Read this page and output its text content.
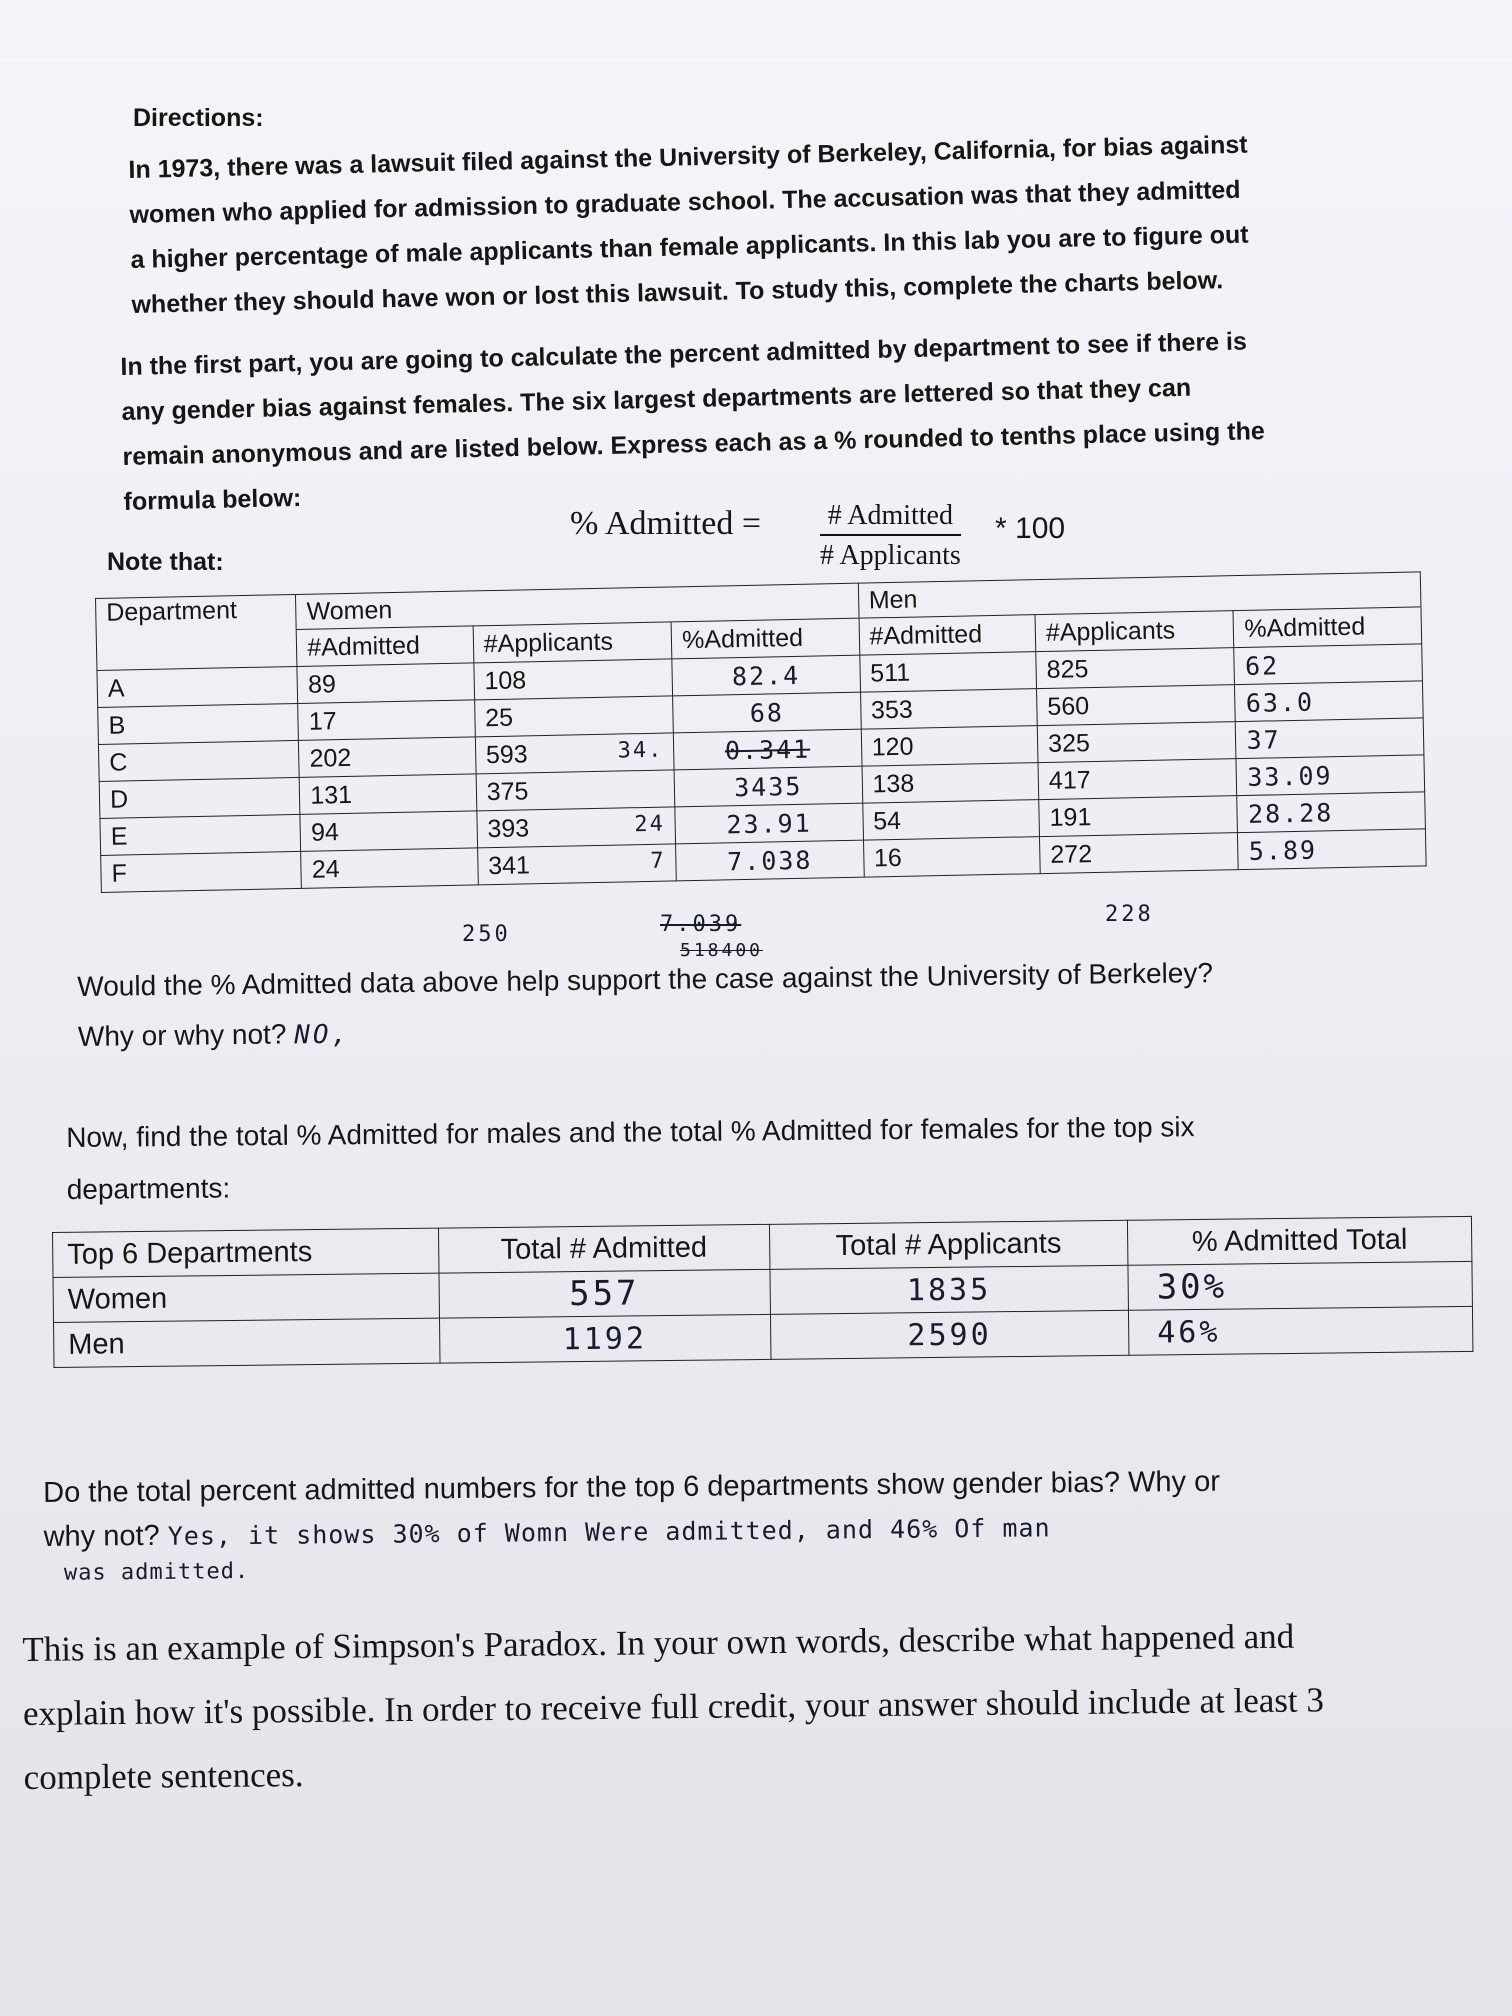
Directions:
In 1973, there was a lawsuit filed against the University of Berkeley, California, for bias against
women who applied for admission to graduate school. The accusation was that they admitted
a higher percentage of male applicants than female applicants. In this lab you are to figure out
whether they should have won or lost this lawsuit. To study this, complete the charts below.
In the first part, you are going to calculate the percent admitted by department to see if there is
any gender bias against females. The six largest departments are lettered so that they can
remain anonymous and are listed below. Express each as a % rounded to tenths place using the
formula below:
Note that:
% Admitted = # Admitted
# Applicants
* 100
Department	Women			Men		
	#Admitted	#Applicants	%Admitted	#Admitted	#Applicants	%Admitted
A	89	108	82.4	511	825	62
B	17	25	68	353	560	63.0
C	202	593 34.	0.341	120	325	37
D	131	375	3435	138	417	33.09
E	94	393 24	23.91	54	191	28.28
F	24	341 7	7.038	16	272	5.89
250	7.039
518400
228
Would the % Admitted data above help support the case against the University of Berkeley?
Why or why not? NO,
Now, find the total % Admitted for males and the total % Admitted for females for the top six
departments:
Top 6 Departments	Total # Admitted	Total # Applicants	% Admitted Total
Women	557	1835	30%
Men	1192	2590	46%
Do the total percent admitted numbers for the top 6 departments show gender bias? Why or
why not? Yes, it shows 30% of Womn Were admitted, and 46% Of man
was admitted.
This is an example of Simpson's Paradox. In your own words, describe what happened and
explain how it's possible. In order to receive full credit, your answer should include at least 3
complete sentences.
